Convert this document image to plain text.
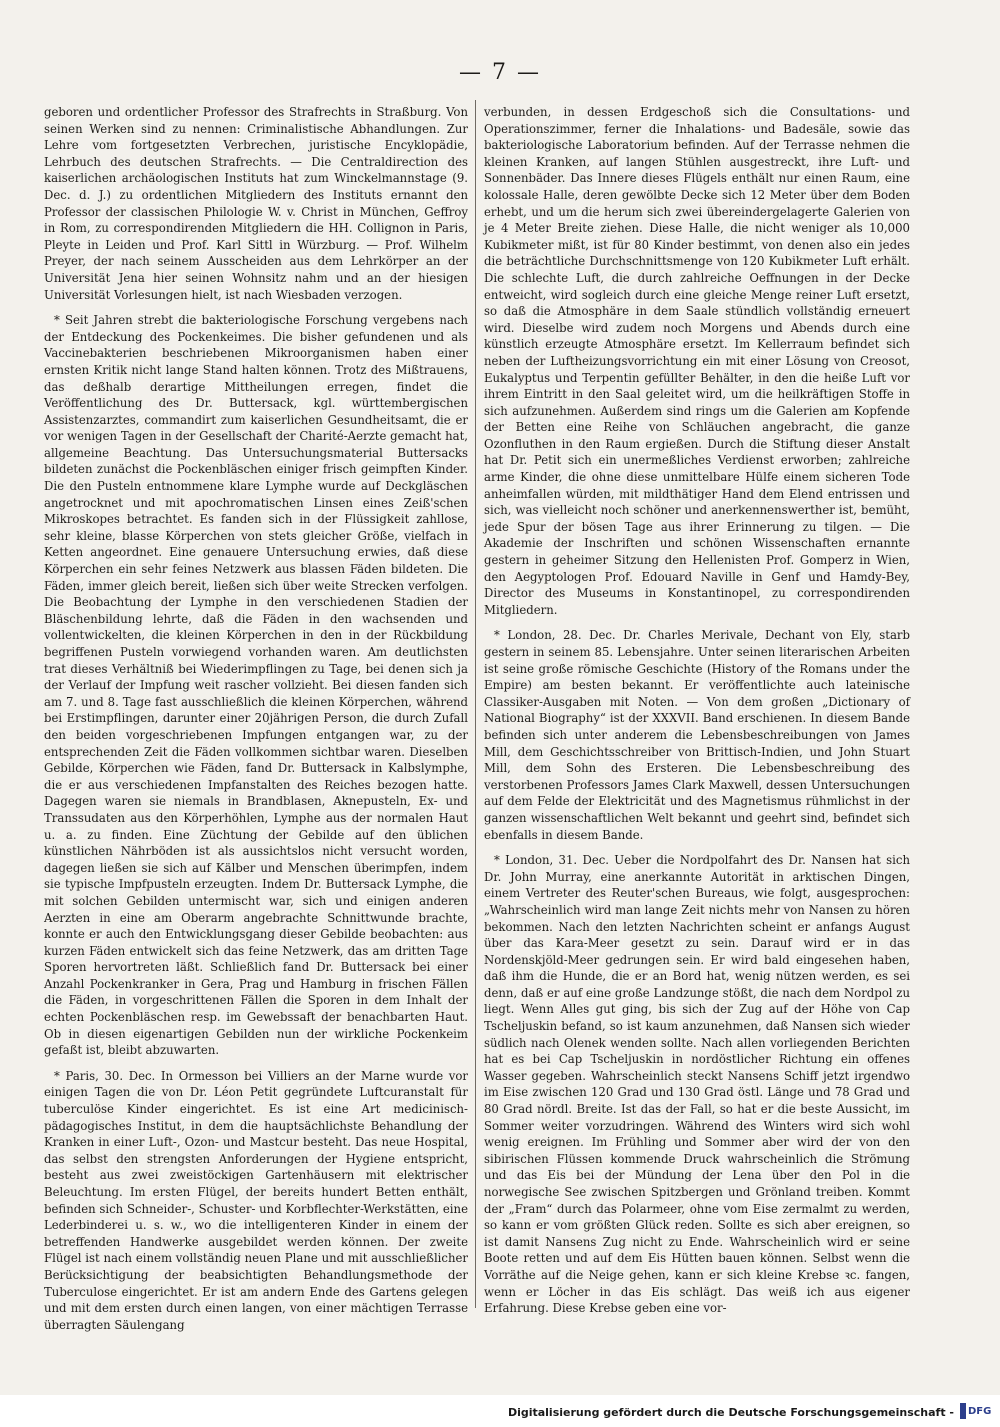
— 7 —

geboren und ordentlicher Professor des Strafrechts in Straßburg. Von seinen Werken sind zu nennen: Criminalistische Abhandlungen. Zur Lehre vom fortgesetzten Verbrechen, juristische Encyklopädie, Lehrbuch des deutschen Strafrechts. — Die Centraldirection des kaiserlichen archäologischen Instituts hat zum Winckelmannstage (9. Dec. d. J.) zu ordentlichen Mitgliedern des Instituts ernannt den Professor der classischen Philologie W. v. Christ in München, Geffroy in Rom, zu correspondirenden Mitgliedern die HH. Collignon in Paris, Pleyte in Leiden und Prof. Karl Sittl in Würzburg. — Prof. Wilhelm Preyer, der nach seinem Ausscheiden aus dem Lehrkörper an der Universität Jena hier seinen Wohnsitz nahm und an der hiesigen Universität Vorlesungen hielt, ist nach Wiesbaden verzogen.

* Seit Jahren strebt die bakteriologische Forschung vergebens nach der Entdeckung des Pockenkeimes. Die bisher gefundenen und als Vaccinebakterien beschriebenen Mikroorganismen haben einer ernsten Kritik nicht lange Stand halten können. Trotz des Mißtrauens, das deßhalb derartige Mittheilungen erregen, findet die Veröffentlichung des Dr. Buttersack, kgl. württembergischen Assistenzarztes, commandirt zum kaiserlichen Gesundheitsamt, die er vor wenigen Tagen in der Gesellschaft der Charité-Aerzte gemacht hat, allgemeine Beachtung. Das Untersuchungsmaterial Buttersacks bildeten zunächst die Pockenbläschen einiger frisch geimpften Kinder. Die den Pusteln entnommene klare Lymphe wurde auf Deckgläschen angetrocknet und mit apochromatischen Linsen eines Zeiß'schen Mikroskopes betrachtet. Es fanden sich in der Flüssigkeit zahllose, sehr kleine, blasse Körperchen von stets gleicher Größe, vielfach in Ketten angeordnet. Eine genauere Untersuchung erwies, daß diese Körperchen ein sehr feines Netzwerk aus blassen Fäden bildeten. Die Fäden, immer gleich bereit, ließen sich über weite Strecken verfolgen. Die Beobachtung der Lymphe in den verschiedenen Stadien der Bläschenbildung lehrte, daß die Fäden in den wachsenden und vollentwickelten, die kleinen Körperchen in den in der Rückbildung begriffenen Pusteln vorwiegend vorhanden waren. Am deutlichsten trat dieses Verhältniß bei Wiederimpflingen zu Tage, bei denen sich ja der Verlauf der Impfung weit rascher vollzieht. Bei diesen fanden sich am 7. und 8. Tage fast ausschließlich die kleinen Körperchen, während bei Erstimpflingen, darunter einer 20jährigen Person, die durch Zufall den beiden vorgeschriebenen Impfungen entgangen war, zu der entsprechenden Zeit die Fäden vollkommen sichtbar waren. Dieselben Gebilde, Körperchen wie Fäden, fand Dr. Buttersack in Kalbslymphe, die er aus verschiedenen Impfanstalten des Reiches bezogen hatte. Dagegen waren sie niemals in Brandblasen, Aknepusteln, Ex- und Transsudaten aus den Körperhöhlen, Lymphe aus der normalen Haut u. a. zu finden. Eine Züchtung der Gebilde auf den üblichen künstlichen Nährböden ist als aussichtslos nicht versucht worden, dagegen ließen sie sich auf Kälber und Menschen überimpfen, indem sie typische Impfpusteln erzeugten. Indem Dr. Buttersack Lymphe, die mit solchen Gebilden untermischt war, sich und einigen anderen Aerzten in eine am Oberarm angebrachte Schnittwunde brachte, konnte er auch den Entwicklungsgang dieser Gebilde beobachten: aus kurzen Fäden entwickelt sich das feine Netzwerk, das am dritten Tage Sporen hervortreten läßt. Schließlich fand Dr. Buttersack bei einer Anzahl Pockenkranker in Gera, Prag und Hamburg in frischen Fällen die Fäden, in vorgeschrittenen Fällen die Sporen in dem Inhalt der echten Pockenbläschen resp. im Gewebssaft der benachbarten Haut. Ob in diesen eigenartigen Gebilden nun der wirkliche Pockenkeim gefaßt ist, bleibt abzuwarten.

* Paris, 30. Dec. In Ormesson bei Villiers an der Marne wurde vor einigen Tagen die von Dr. Léon Petit gegründete Luftcuranstalt für tuberculöse Kinder eingerichtet. Es ist eine Art medicinisch-pädagogisches Institut, in dem die hauptsächlichste Behandlung der Kranken in einer Luft-, Ozon- und Mastcur besteht. Das neue Hospital, das selbst den strengsten Anforderungen der Hygiene entspricht, besteht aus zwei zweistöckigen Gartenhäusern mit elektrischer Beleuchtung. Im ersten Flügel, der bereits hundert Betten enthält, befinden sich Schneider-, Schuster- und Korbflechter-Werkstätten, eine Lederbinderei u. s. w., wo die intelligenteren Kinder in einem der betreffenden Handwerke ausgebildet werden können. Der zweite Flügel ist nach einem vollständig neuen Plane und mit ausschließlicher Berücksichtigung der beabsichtigten Behandlungsmethode der Tuberculose eingerichtet. Er ist am andern Ende des Gartens gelegen und mit dem ersten durch einen langen, von einer mächtigen Terrasse überragten Säulengang

verbunden, in dessen Erdgeschoß sich die Consultations- und Operationszimmer, ferner die Inhalations- und Badesäle, sowie das bakteriologische Laboratorium befinden. Auf der Terrasse nehmen die kleinen Kranken, auf langen Stühlen ausgestreckt, ihre Luft- und Sonnenbäder. Das Innere dieses Flügels enthält nur einen Raum, eine kolossale Halle, deren gewölbte Decke sich 12 Meter über dem Boden erhebt, und um die herum sich zwei übereindergelagerte Galerien von je 4 Meter Breite ziehen. Diese Halle, die nicht weniger als 10,000 Kubikmeter mißt, ist für 80 Kinder bestimmt, von denen also ein jedes die beträchtliche Durchschnittsmenge von 120 Kubikmeter Luft erhält. Die schlechte Luft, die durch zahlreiche Oeffnungen in der Decke entweicht, wird sogleich durch eine gleiche Menge reiner Luft ersetzt, so daß die Atmosphäre in dem Saale stündlich vollständig erneuert wird. Dieselbe wird zudem noch Morgens und Abends durch eine künstlich erzeugte Atmosphäre ersetzt. Im Kellerraum befindet sich neben der Luftheizungsvorrichtung ein mit einer Lösung von Creosot, Eukalyptus und Terpentin gefüllter Behälter, in den die heiße Luft vor ihrem Eintritt in den Saal geleitet wird, um die heilkräftigen Stoffe in sich aufzunehmen. Außerdem sind rings um die Galerien am Kopfende der Betten eine Reihe von Schläuchen angebracht, die ganze Ozonfluthen in den Raum ergießen. Durch die Stiftung dieser Anstalt hat Dr. Petit sich ein unermeßliches Verdienst erworben; zahlreiche arme Kinder, die ohne diese unmittelbare Hülfe einem sicheren Tode anheimfallen würden, mit mildthätiger Hand dem Elend entrissen und sich, was vielleicht noch schöner und anerkennenswerther ist, bemüht, jede Spur der bösen Tage aus ihrer Erinnerung zu tilgen. — Die Akademie der Inschriften und schönen Wissenschaften ernannte gestern in geheimer Sitzung den Hellenisten Prof. Gomperz in Wien, den Aegyptologen Prof. Edouard Naville in Genf und Hamdy-Bey, Director des Museums in Konstantinopel, zu correspondirenden Mitgliedern.

* London, 28. Dec. Dr. Charles Merivale, Dechant von Ely, starb gestern in seinem 85. Lebensjahre. Unter seinen literarischen Arbeiten ist seine große römische Geschichte (History of the Romans under the Empire) am besten bekannt. Er veröffentlichte auch lateinische Classiker-Ausgaben mit Noten. — Von dem großen „Dictionary of National Biography“ ist der XXXVII. Band erschienen. In diesem Bande befinden sich unter anderem die Lebensbeschreibungen von James Mill, dem Geschichtsschreiber von Brittisch-Indien, und John Stuart Mill, dem Sohn des Ersteren. Die Lebensbeschreibung des verstorbenen Professors James Clark Maxwell, dessen Untersuchungen auf dem Felde der Elektricität und des Magnetismus rühmlichst in der ganzen wissenschaftlichen Welt bekannt und geehrt sind, befindet sich ebenfalls in diesem Bande.

* London, 31. Dec. Ueber die Nordpolfahrt des Dr. Nansen hat sich Dr. John Murray, eine anerkannte Autorität in arktischen Dingen, einem Vertreter des Reuter'schen Bureaus, wie folgt, ausgesprochen: „Wahrscheinlich wird man lange Zeit nichts mehr von Nansen zu hören bekommen. Nach den letzten Nachrichten scheint er anfangs August über das Kara-Meer gesetzt zu sein. Darauf wird er in das Nordenskjöld-Meer gedrungen sein. Er wird bald eingesehen haben, daß ihm die Hunde, die er an Bord hat, wenig nützen werden, es sei denn, daß er auf eine große Landzunge stößt, die nach dem Nordpol zu liegt. Wenn Alles gut ging, bis sich der Zug auf der Höhe von Cap Tscheljuskin befand, so ist kaum anzunehmen, daß Nansen sich wieder südlich nach Olenek wenden sollte. Nach allen vorliegenden Berichten hat es bei Cap Tscheljuskin in nordöstlicher Richtung ein offenes Wasser gegeben. Wahrscheinlich steckt Nansens Schiff jetzt irgendwo im Eise zwischen 120 Grad und 130 Grad östl. Länge und 78 Grad und 80 Grad nördl. Breite. Ist das der Fall, so hat er die beste Aussicht, im Sommer weiter vorzudringen. Während des Winters wird sich wohl wenig ereignen. Im Frühling und Sommer aber wird der von den sibirischen Flüssen kommende Druck wahrscheinlich die Strömung und das Eis bei der Mündung der Lena über den Pol in die norwegische See zwischen Spitzbergen und Grönland treiben. Kommt der „Fram“ durch das Polarmeer, ohne vom Eise zermalmt zu werden, so kann er vom größten Glück reden. Sollte es sich aber ereignen, so ist damit Nansens Zug nicht zu Ende. Wahrscheinlich wird er seine Boote retten und auf dem Eis Hütten bauen können. Selbst wenn die Vorräthe auf die Neige gehen, kann er sich kleine Krebse ꝛc. fangen, wenn er Löcher in das Eis schlägt. Das weiß ich aus eigener Erfahrung. Diese Krebse geben eine vor-

Digitalisierung gefördert durch die Deutsche Forschungsgemeinschaft - DFG
